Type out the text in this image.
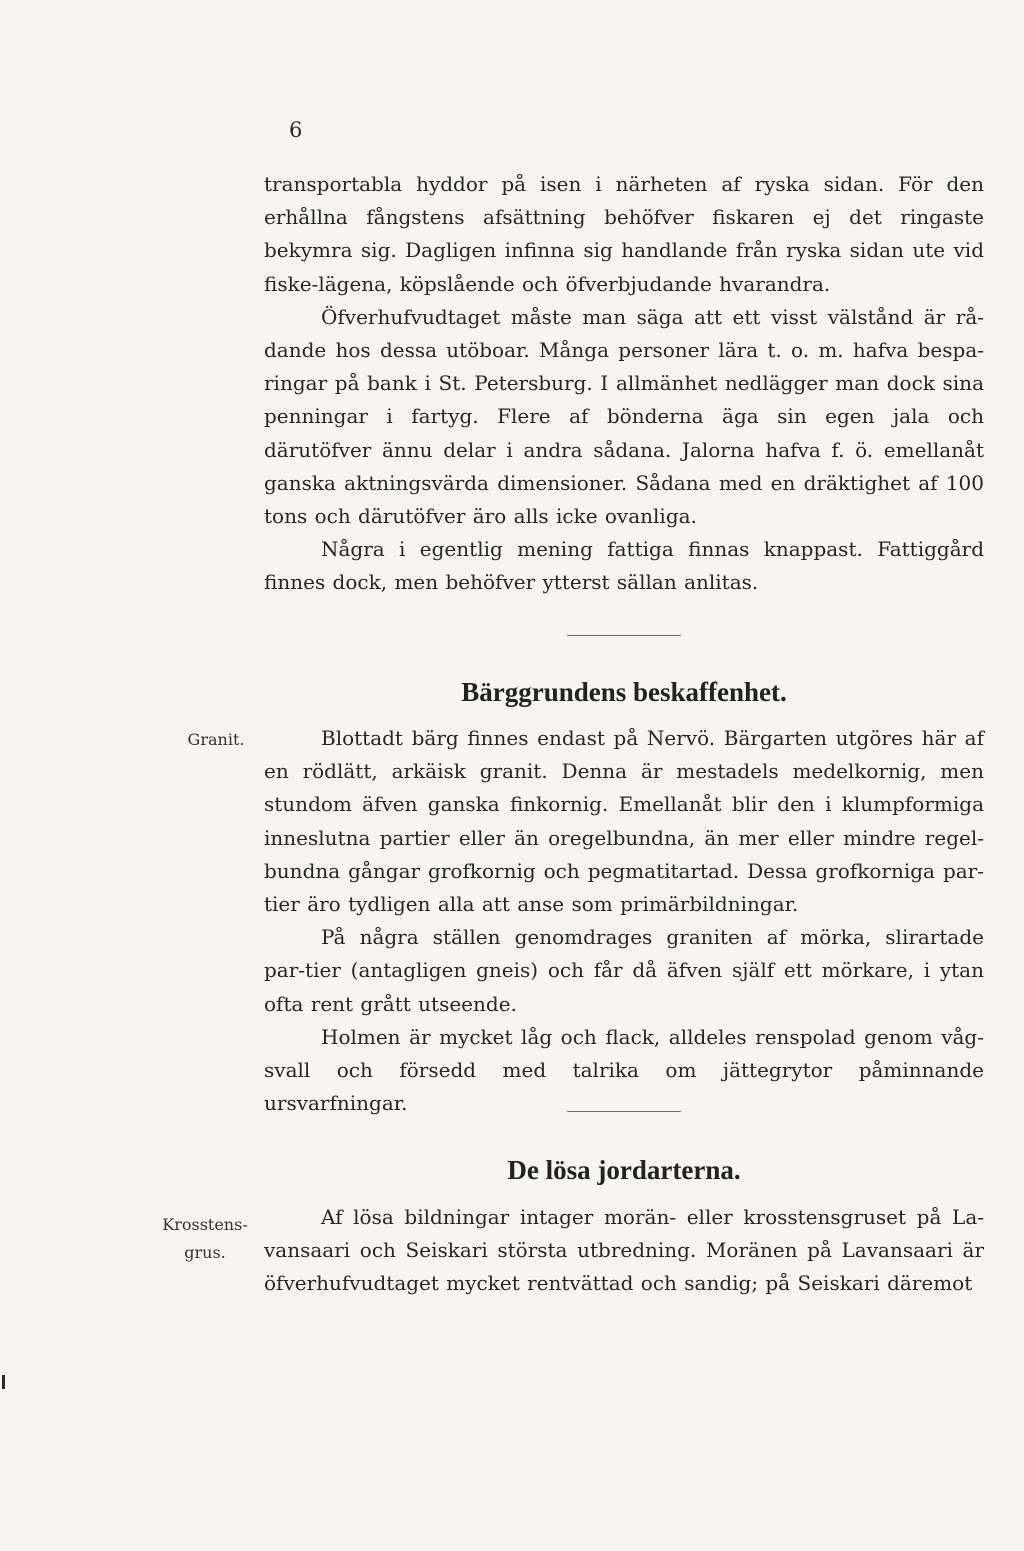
6

transportabla hyddor på isen i närheten af ryska sidan. För den erhållna fångstens afsättning behöfver fiskaren ej det ringaste bekymra sig. Dagligen infinna sig handlande från ryska sidan ute vid fiske-lägena, köpslående och öfverbjudande hvarandra.

Öfverhufvudtaget måste man säga att ett visst välstånd är rå-dande hos dessa utöboar. Många personer lära t. o. m. hafva bespa-ringar på bank i St. Petersburg. I allmänhet nedlägger man dock sina penningar i fartyg. Flere af bönderna äga sin egen jala och därutöfver ännu delar i andra sådana. Jalorna hafva f. ö. emellanåt ganska aktningsvärda dimensioner. Sådana med en dräktighet af 100 tons och därutöfver äro alls icke ovanliga.

Några i egentlig mening fattiga finnas knappast. Fattiggård finnes dock, men behöfver ytterst sällan anlitas.

Bärggrundens beskaffenhet.
Granit.	Blottadt bärg finnes endast på Nervö. Bärgarten utgöres här af en rödlätt, arkäisk granit. Denna är mestadels medelkornig, men stundom äfven ganska finkornig. Emellanåt blir den i klumpformiga inneslutna partier eller än oregelbundna, än mer eller mindre regel-bundna gångar grofkornig och pegmatitartad. Dessa grofkorniga par-tier äro tydligen alla att anse som primärbildningar.

På några ställen genomdrages graniten af mörka, slirartade par-tier (antagligen gneis) och får då äfven själf ett mörkare, i ytan ofta rent grått utseende.

Holmen är mycket låg och flack, alldeles renspolad genom våg-svall och försedd med talrika om jättegrytor påminnande ursvarfningar.

De lösa jordarterna.
Krosstens-
grus.

Af lösa bildningar intager morän- eller krosstensgruset på La-vansaari och Seiskari största utbredning. Moränen på Lavansaari är öfverhufvudtaget mycket rentvättad och sandig; på Seiskari däremot
